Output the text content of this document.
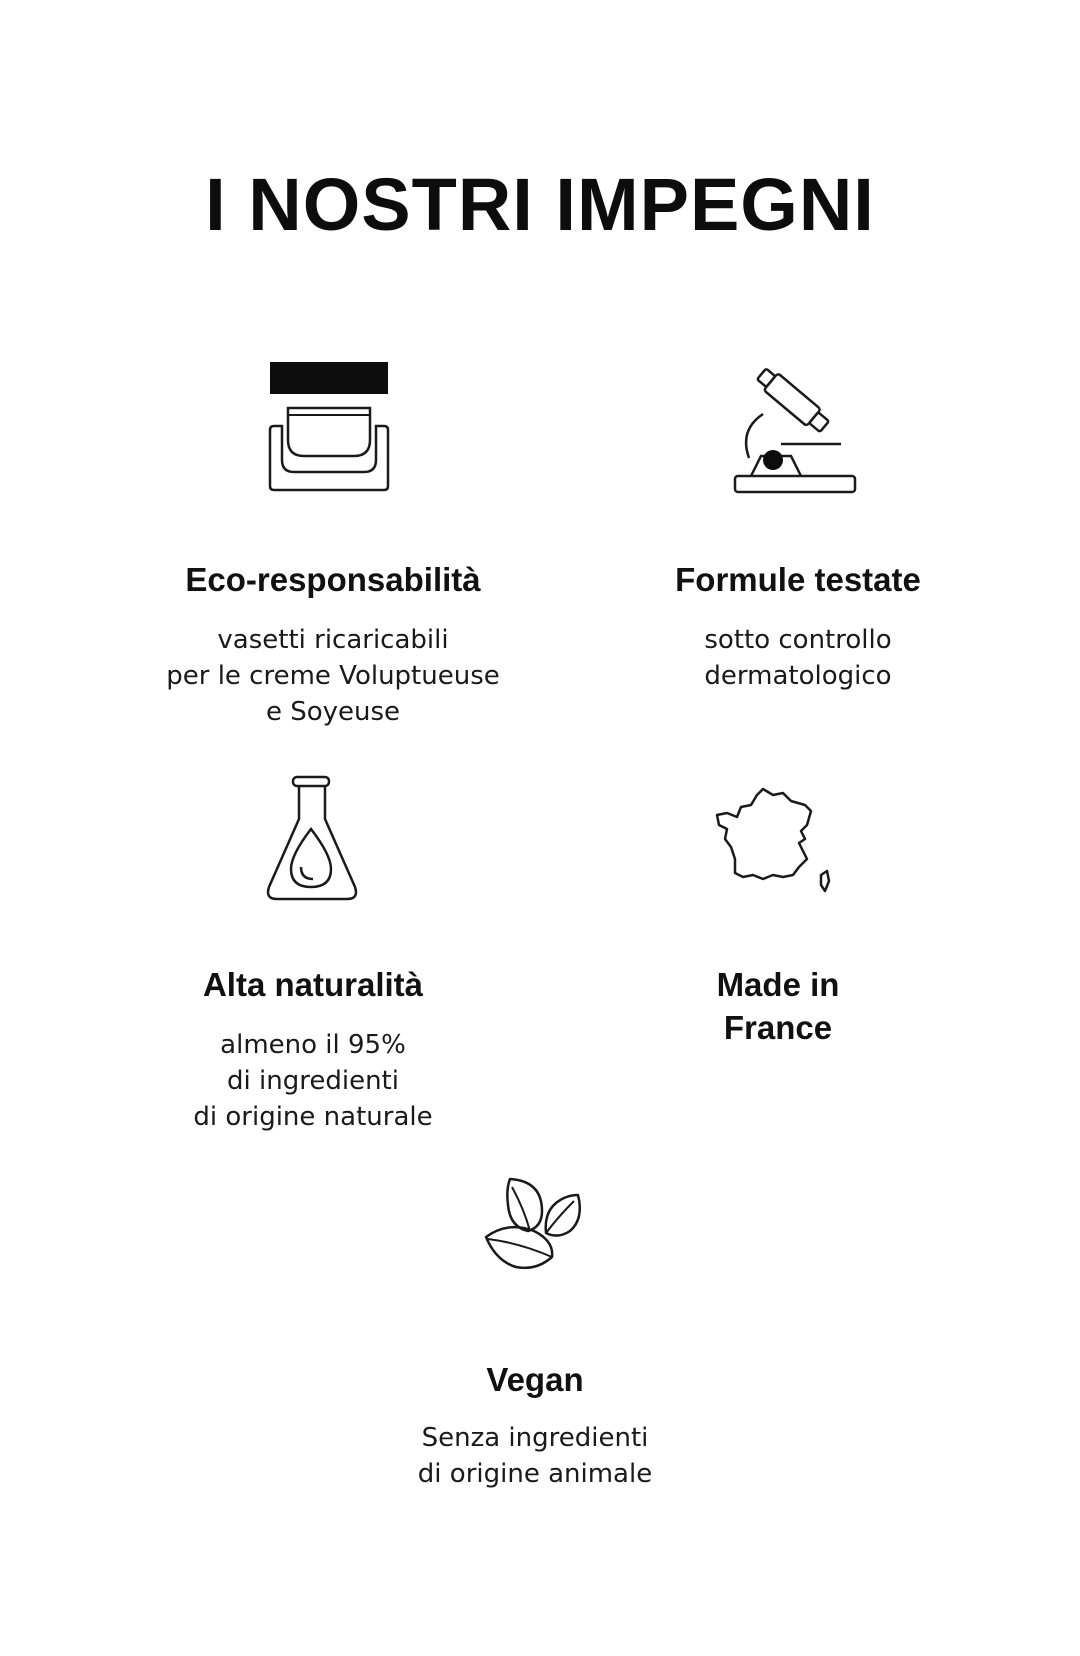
I NOSTRI IMPEGNI
Eco-responsabilità

vasetti ricaricabili
per le creme Voluptueuse
e Soyeuse

Formule testate

sotto controllo
dermatologico

Alta naturalità

almeno il 95%
di ingredienti
di origine naturale

Made in
France
Vegan

Senza ingredienti
di origine animale
